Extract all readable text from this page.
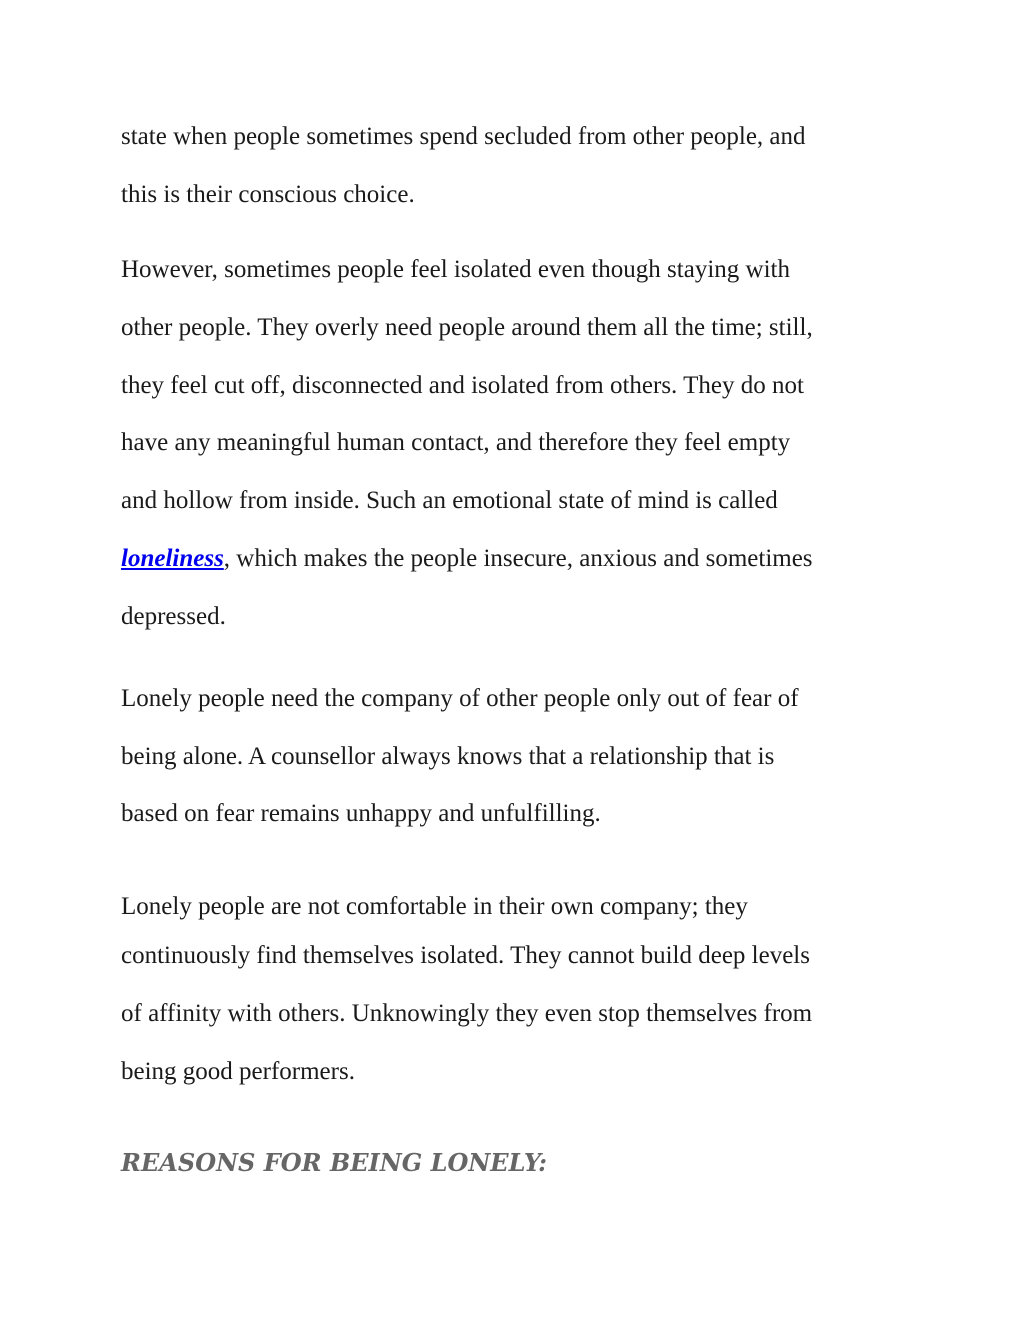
state when people sometimes spend secluded from other people, and

this is their conscious choice.

However, sometimes people feel isolated even though staying with

other people. They overly need people around them all the time; still,

they feel cut off, disconnected and isolated from others. They do not

have any meaningful human contact, and therefore they feel empty

and hollow from inside. Such an emotional state of mind is called

loneliness, which makes the people insecure, anxious and sometimes

depressed.

Lonely people need the company of other people only out of fear of

being alone. A counsellor always knows that a relationship that is

based on fear remains unhappy and unfulfilling.

Lonely people are not comfortable in their own company; they

continuously find themselves isolated. They cannot build deep levels

of affinity with others. Unknowingly they even stop themselves from

being good performers.

REASONS FOR BEING LONELY:
